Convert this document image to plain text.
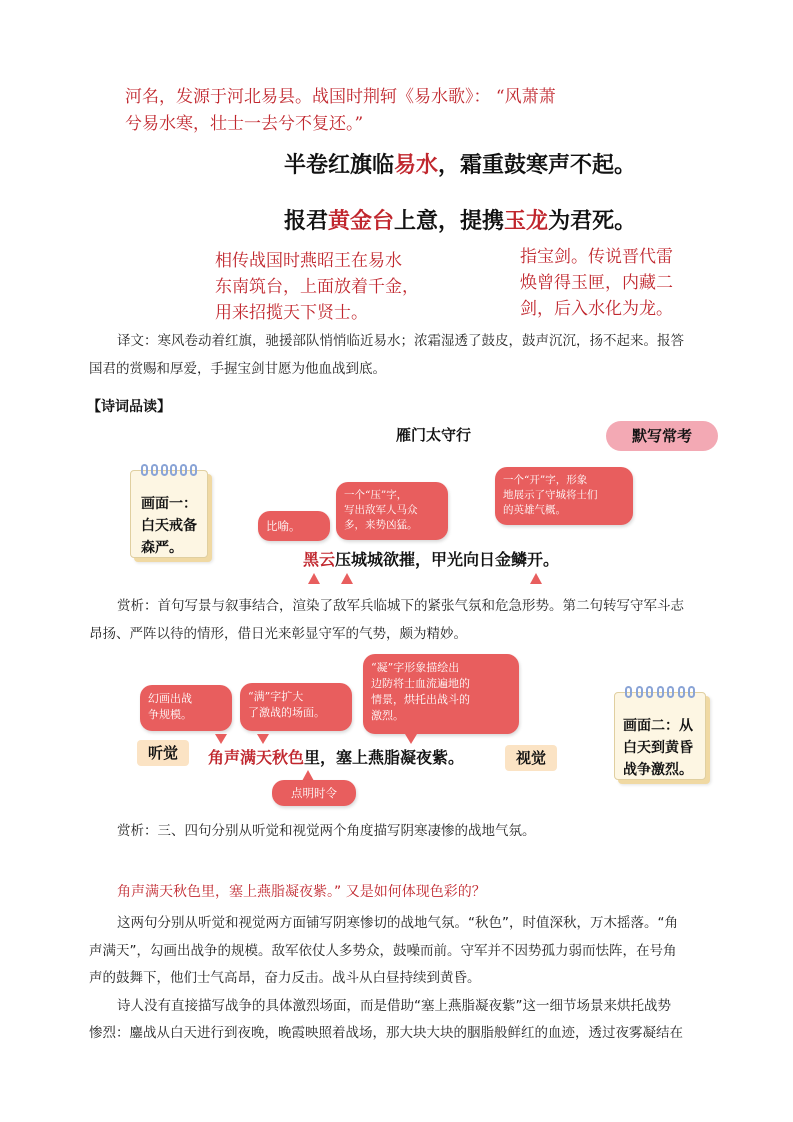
河名，发源于河北易县。战国时荆轲《易水歌》： “风萧萧
兮易水寒，壮士一去兮不复还。”
半卷红旗临易水，霜重鼓寒声不起。
报君黄金台上意，提携玉龙为君死。
相传战国时燕昭王在易水
东南筑台，上面放着千金，
用来招揽天下贤士。
指宝剑。传说晋代雷
焕曾得玉匣，内藏二
剑，后入水化为龙。
译文：寒风卷动着红旗，驰援部队悄悄临近易水；浓霜湿透了鼓皮，鼓声沉沉，扬不起来。报答
国君的赏赐和厚爱，手握宝剑甘愿为他血战到底。
【诗词品读】
雁门太守行	默写常考
画面一：
白天戒备
森严。
比喻。
一个“压”字，
写出敌军人马众
多，来势凶猛。
一个“开”字，形象
地展示了守城将士们
的英雄气概。
黑云压城城欲摧，甲光向日金鳞开。
赏析：首句写景与叙事结合，渲染了敌军兵临城下的紧张气氛和危急形势。第二句转写守军斗志
昂扬、严阵以待的情形，借日光来彰显守军的气势，颇为精妙。
幻画出战
争规模。
“满”字扩大
了激战的场面。
“凝”字形象描绘出
边防将士血流遍地的
情景，烘托出战斗的
激烈。
听觉	视觉
角声满天秋色里，塞上燕脂凝夜紫。
点明时令
画面二：从
白天到黄昏
战争激烈。
赏析：三、四句分别从听觉和视觉两个角度描写阴寒凄惨的战地气氛。
角声满天秋色里，塞上燕脂凝夜紫。” 又是如何体现色彩的？
这两句分别从听觉和视觉两方面铺写阴寒惨切的战地气氛。“秋色”，时值深秋，万木摇落。“角
声满天”，勾画出战争的规模。敌军依仗人多势众，鼓噪而前。守军并不因势孤力弱而怯阵，在号角
声的鼓舞下，他们士气高昂，奋力反击。战斗从白昼持续到黄昏。
诗人没有直接描写战争的具体激烈场面，而是借助“塞上燕脂凝夜紫”这一细节场景来烘托战势
惨烈：鏖战从白天进行到夜晚，晚霞映照着战场，那大块大块的胭脂般鲜红的血迹，透过夜雾凝结在
